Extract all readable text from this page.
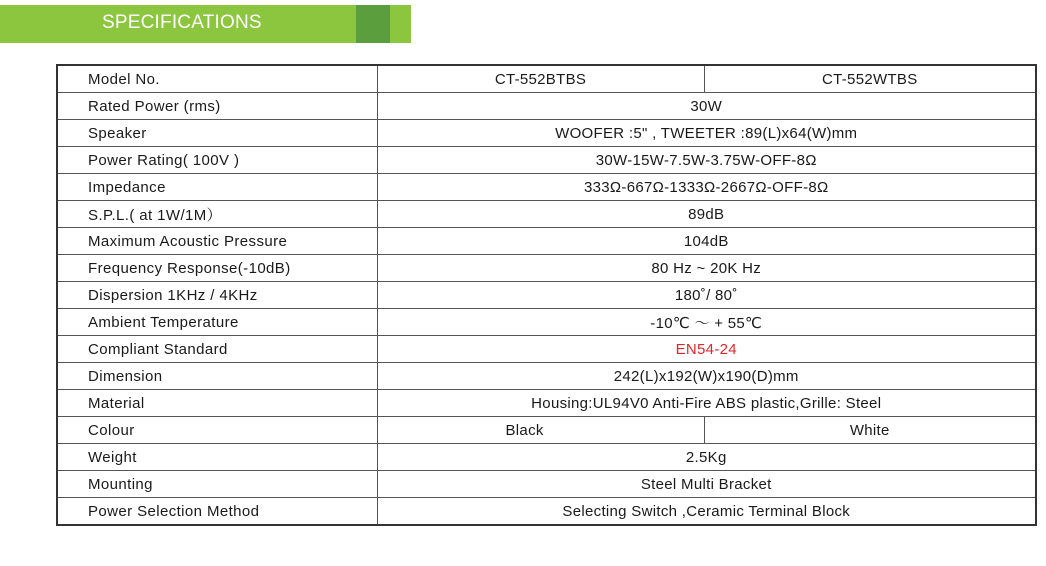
SPECIFICATIONS
Model No.	CT-552BTBS	CT-552WTBS
Rated Power (rms)	30W	
Speaker	WOOFER :5" , TWEETER :89(L)x64(W)mm	
Power Rating( 100V )	30W-15W-7.5W-3.75W-OFF-8Ω	
Impedance	333Ω-667Ω-1333Ω-2667Ω-OFF-8Ω	
S.P.L.( at 1W/1M）	89dB	
Maximum Acoustic Pressure	104dB	
Frequency Response(-10dB)	80 Hz ~ 20K Hz	
Dispersion 1KHz / 4KHz	180˚/ 80˚	
Ambient Temperature	-10℃ ～ + 55℃	
Compliant Standard	EN54-24	
Dimension	242(L)x192(W)x190(D)mm	
Material	Housing:UL94V0 Anti-Fire ABS plastic,Grille: Steel	
Colour	Black	White
Weight	2.5Kg	
Mounting	Steel Multi Bracket	
Power Selection Method	Selecting Switch ,Ceramic Terminal Block	
